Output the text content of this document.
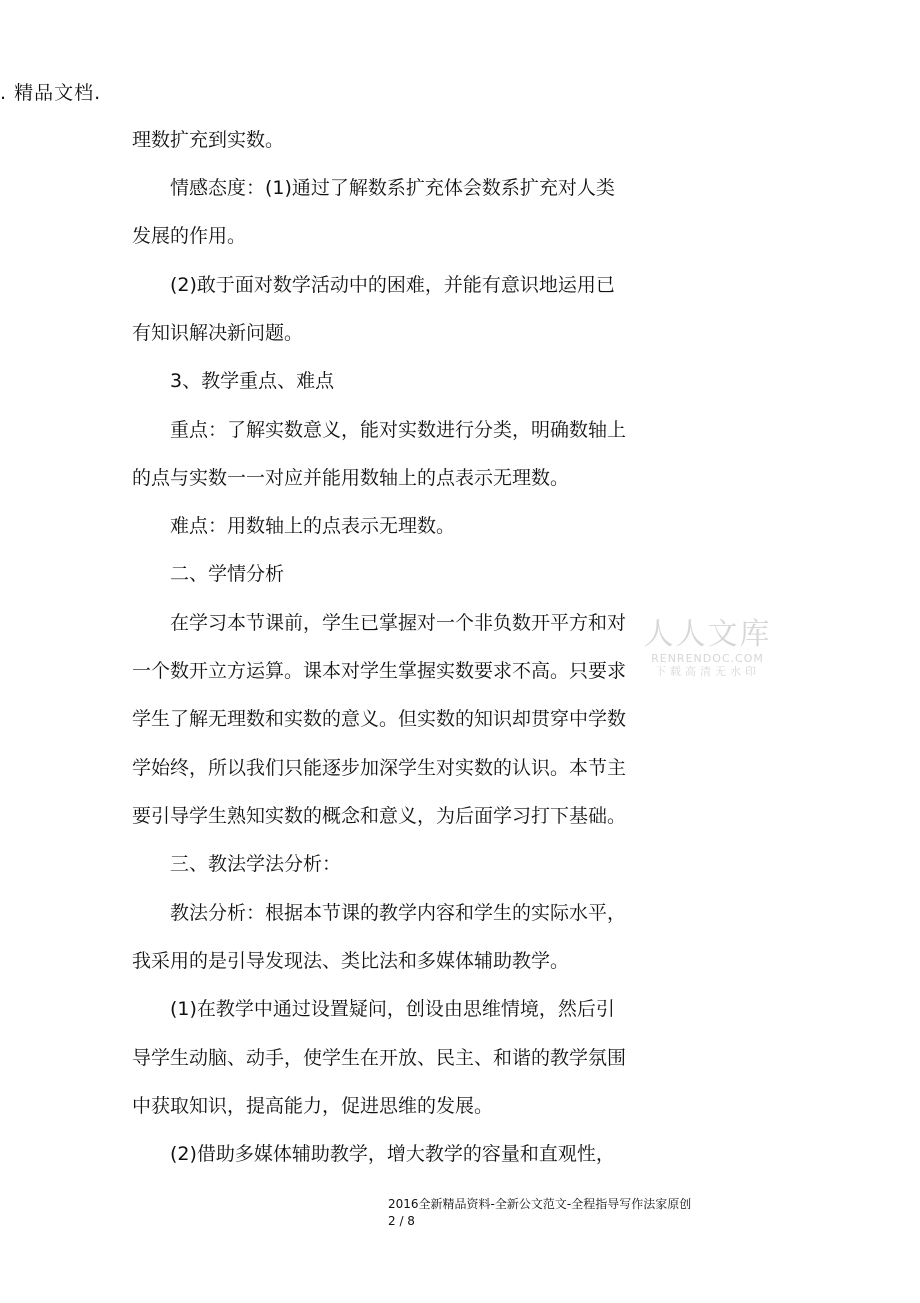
. 精品文档.

理数扩充到实数。

　　情感态度：(1)通过了解数系扩充体会数系扩充对人类

发展的作用。

　　(2)敢于面对数学活动中的困难，并能有意识地运用已

有知识解决新问题。

　　3、教学重点、难点

　　重点：了解实数意义，能对实数进行分类，明确数轴上

的点与实数一一对应并能用数轴上的点表示无理数。

　　难点：用数轴上的点表示无理数。

　　二、学情分析

　　在学习本节课前，学生已掌握对一个非负数开平方和对

一个数开立方运算。课本对学生掌握实数要求不高。只要求

学生了解无理数和实数的意义。但实数的知识却贯穿中学数

学始终，所以我们只能逐步加深学生对实数的认识。本节主

要引导学生熟知实数的概念和意义，为后面学习打下基础。

　　三、教法学法分析：

　　教法分析：根据本节课的教学内容和学生的实际水平，

我采用的是引导发现法、类比法和多媒体辅助教学。

　　(1)在教学中通过设置疑问，创设由思维情境，然后引

导学生动脑、动手，使学生在开放、民主、和谐的教学氛围

中获取知识，提高能力，促进思维的发展。

　　(2)借助多媒体辅助教学，增大教学的容量和直观性，

人人文库
RENRENDOC.COM
下载高清无水印
2016全新精品资料-全新公文范文-全程指导写作法家原创
2 / 8
